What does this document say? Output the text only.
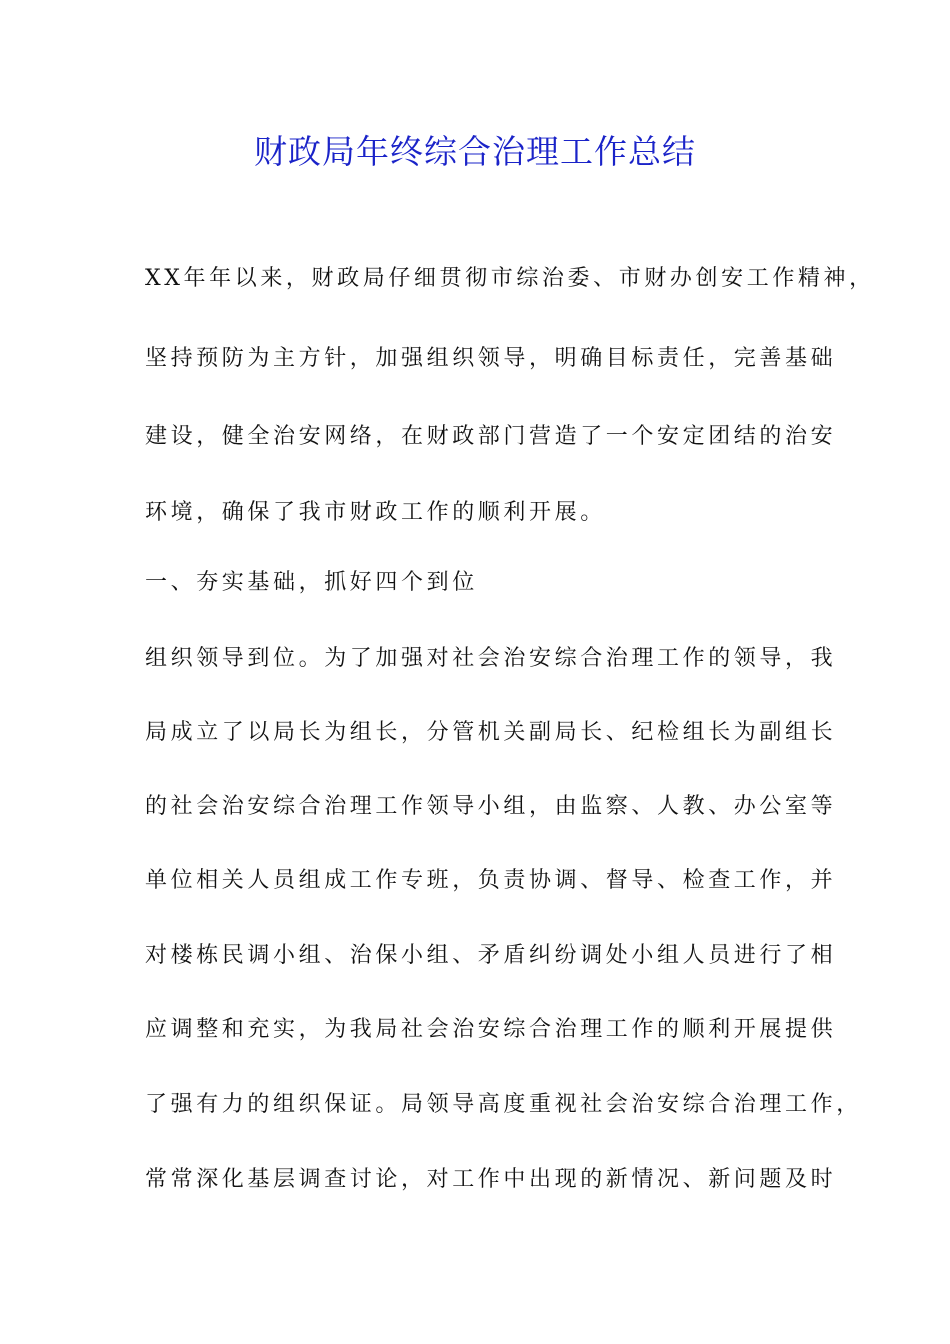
财政局年终综合治理工作总结
XX年年以来，财政局仔细贯彻市综治委、市财办创安工作精神，
坚持预防为主方针，加强组织领导，明确目标责任，完善基础
建设，健全治安网络，在财政部门营造了一个安定团结的治安
环境，确保了我市财政工作的顺利开展。
一、夯实基础，抓好四个到位
组织领导到位。为了加强对社会治安综合治理工作的领导，我
局成立了以局长为组长，分管机关副局长、纪检组长为副组长
的社会治安综合治理工作领导小组，由监察、人教、办公室等
单位相关人员组成工作专班，负责协调、督导、检查工作，并
对楼栋民调小组、治保小组、矛盾纠纷调处小组人员进行了相
应调整和充实，为我局社会治安综合治理工作的顺利开展提供
了强有力的组织保证。局领导高度重视社会治安综合治理工作，
常常深化基层调查讨论，对工作中出现的新情况、新问题及时
